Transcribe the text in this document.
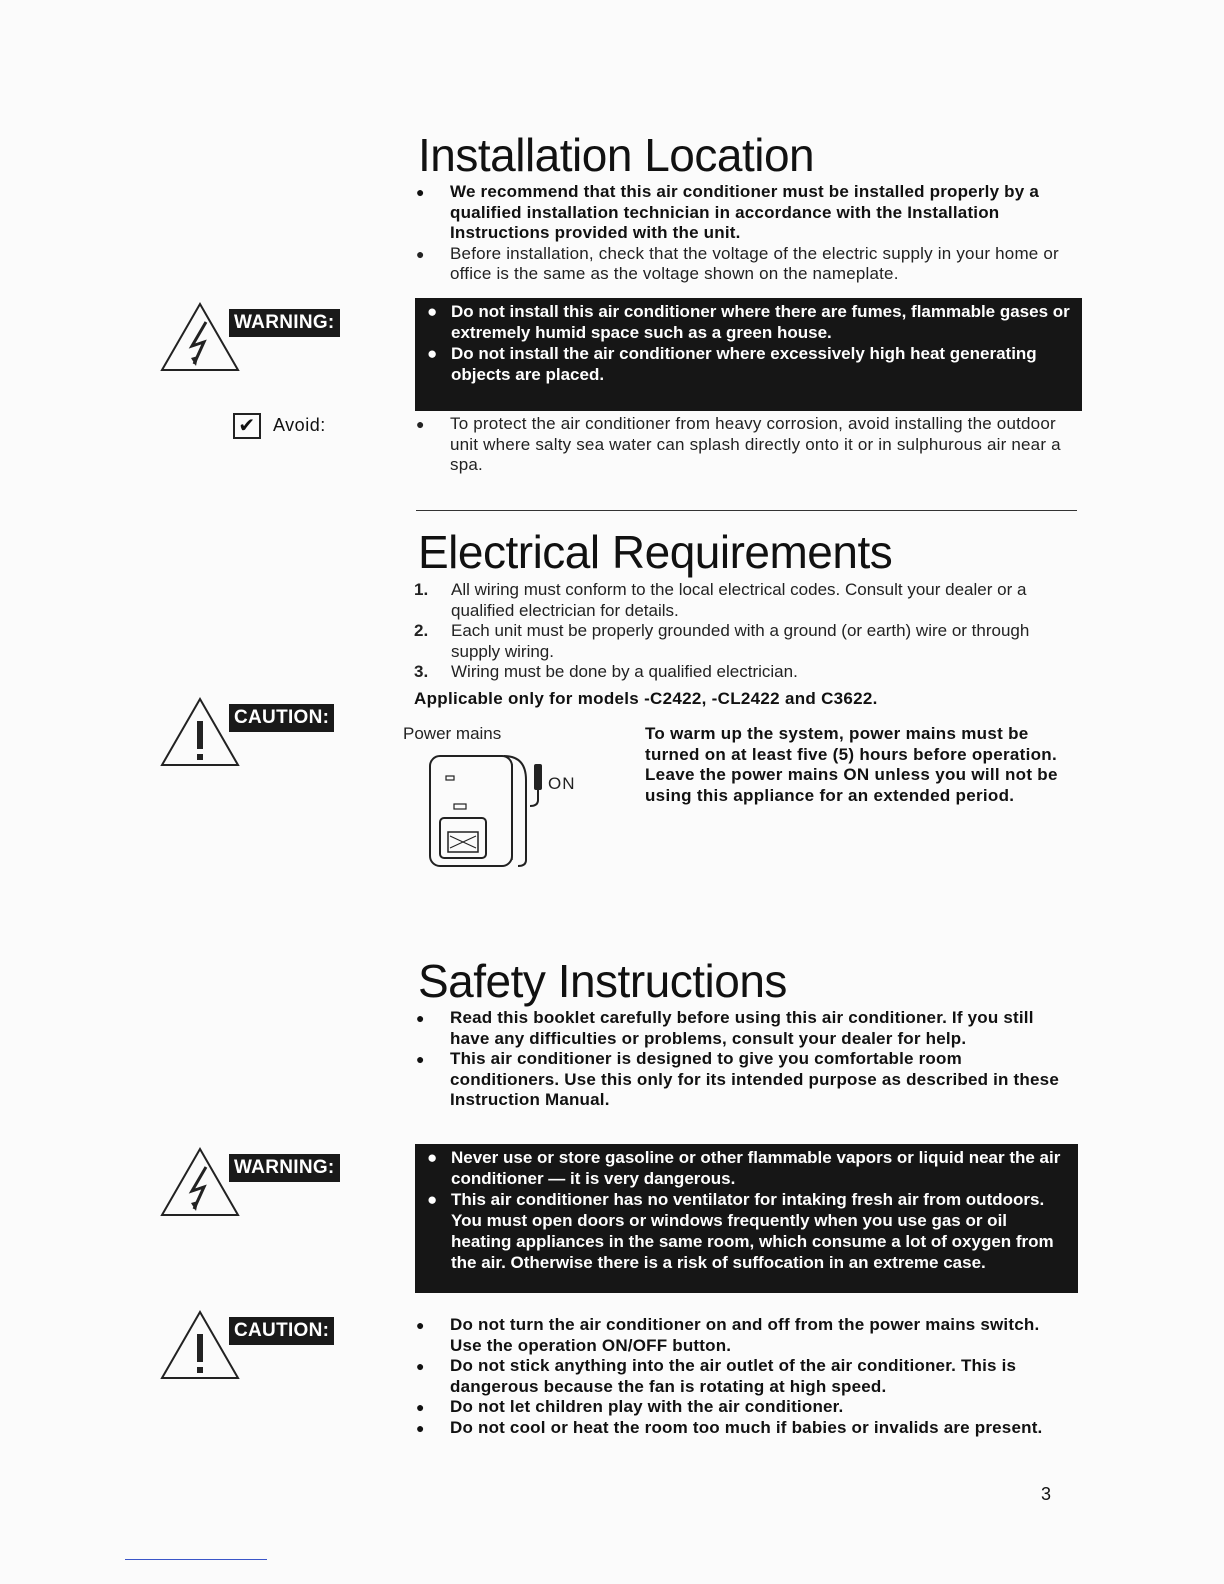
Installation Location
● We recommend that this air conditioner must be installed properly by a qualified installation technician in accordance with the Installation Instructions provided with the unit.
● Before installation, check that the voltage of the electric supply in your home or office is the same as the voltage shown on the nameplate.
WARNING:
● Do not install this air conditioner where there are fumes, flammable gases or extremely humid space such as a green house.
● Do not install the air conditioner where excessively high heat generating objects are placed.
✔ Avoid:	● To protect the air conditioner from heavy corrosion, avoid installing the outdoor unit where salty sea water can splash directly onto it or in sulphurous air near a spa.
Electrical Requirements
1. All wiring must conform to the local electrical codes. Consult your dealer or a qualified electrician for details.
2. Each unit must be properly grounded with a ground (or earth) wire or through supply wiring.
3. Wiring must be done by a qualified electrician.
Applicable only for models -C2422, -CL2422 and C3622.
CAUTION:
Power mains
ON
To warm up the system, power mains must be turned on at least five (5) hours before operation. Leave the power mains ON unless you will not be using this appliance for an extended period.
Safety Instructions
● Read this booklet carefully before using this air conditioner. If you still have any difficulties or problems, consult your dealer for help.
● This air conditioner is designed to give you comfortable room conditioners. Use this only for its intended purpose as described in these Instruction Manual.
WARNING:	● Never use or store gasoline or other flammable vapors or liquid near the air conditioner — it is very dangerous.
● This air conditioner has no ventilator for intaking fresh air from outdoors. You must open doors or windows frequently when you use gas or oil heating appliances in the same room, which consume a lot of oxygen from the air. Otherwise there is a risk of suffocation in an extreme case.
CAUTION:	● Do not turn the air conditioner on and off from the power mains switch. Use the operation ON/OFF button.
● Do not stick anything into the air outlet of the air conditioner. This is dangerous because the fan is rotating at high speed.
● Do not let children play with the air conditioner.
● Do not cool or heat the room too much if babies or invalids are present.
3
